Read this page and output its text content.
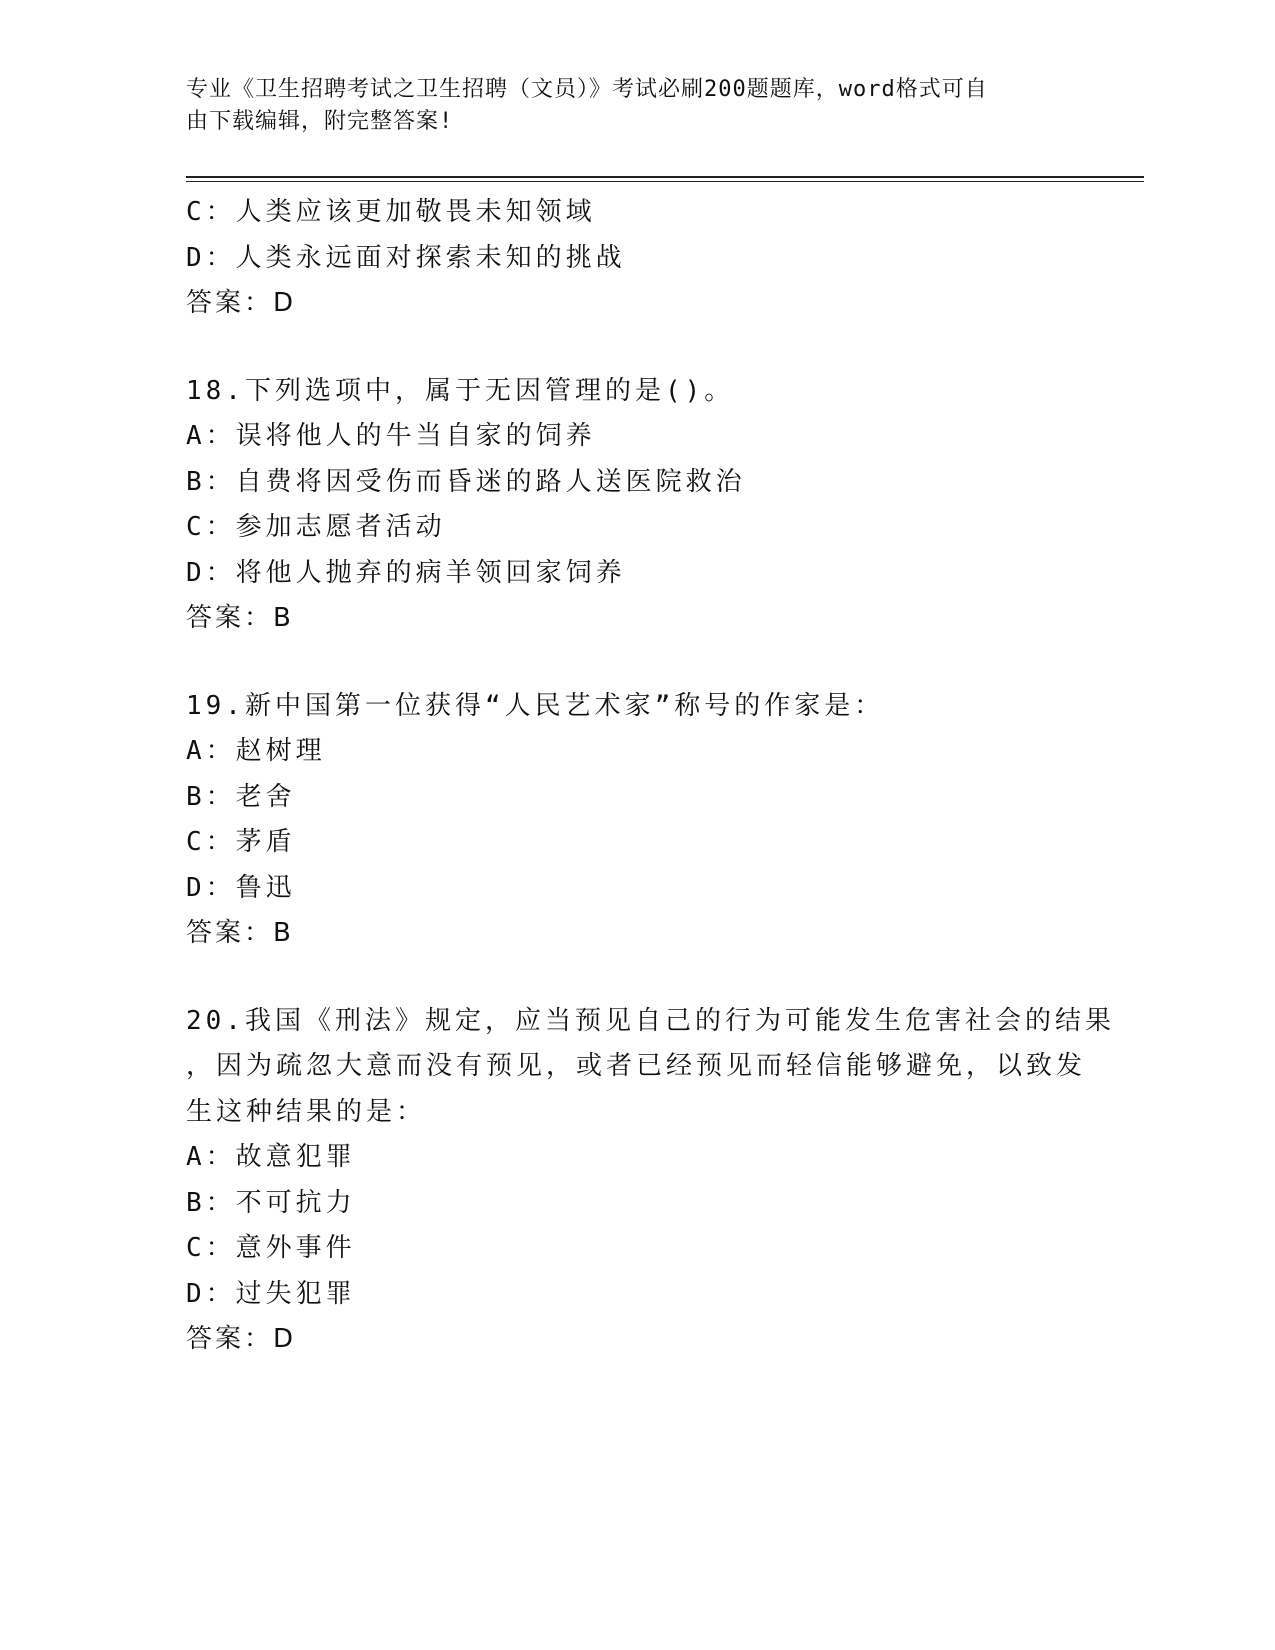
专业《卫生招聘考试之卫生招聘（文员）》考试必刷200题题库，word格式可自
由下载编辑，附完整答案!
C：人类应该更加敬畏未知领域
D：人类永远面对探索未知的挑战
答案：D
18.下列选项中，属于无因管理的是()。
A：误将他人的牛当自家的饲养
B：自费将因受伤而昏迷的路人送医院救治
C：参加志愿者活动
D：将他人抛弃的病羊领回家饲养
答案：B
19.新中国第一位获得“人民艺术家”称号的作家是：
A：赵树理
B：老舍
C：茅盾
D：鲁迅
答案：B
20.我国《刑法》规定，应当预见自己的行为可能发生危害社会的结果
，因为疏忽大意而没有预见，或者已经预见而轻信能够避免，以致发
生这种结果的是：
A：故意犯罪
B：不可抗力
C：意外事件
D：过失犯罪
答案：D
